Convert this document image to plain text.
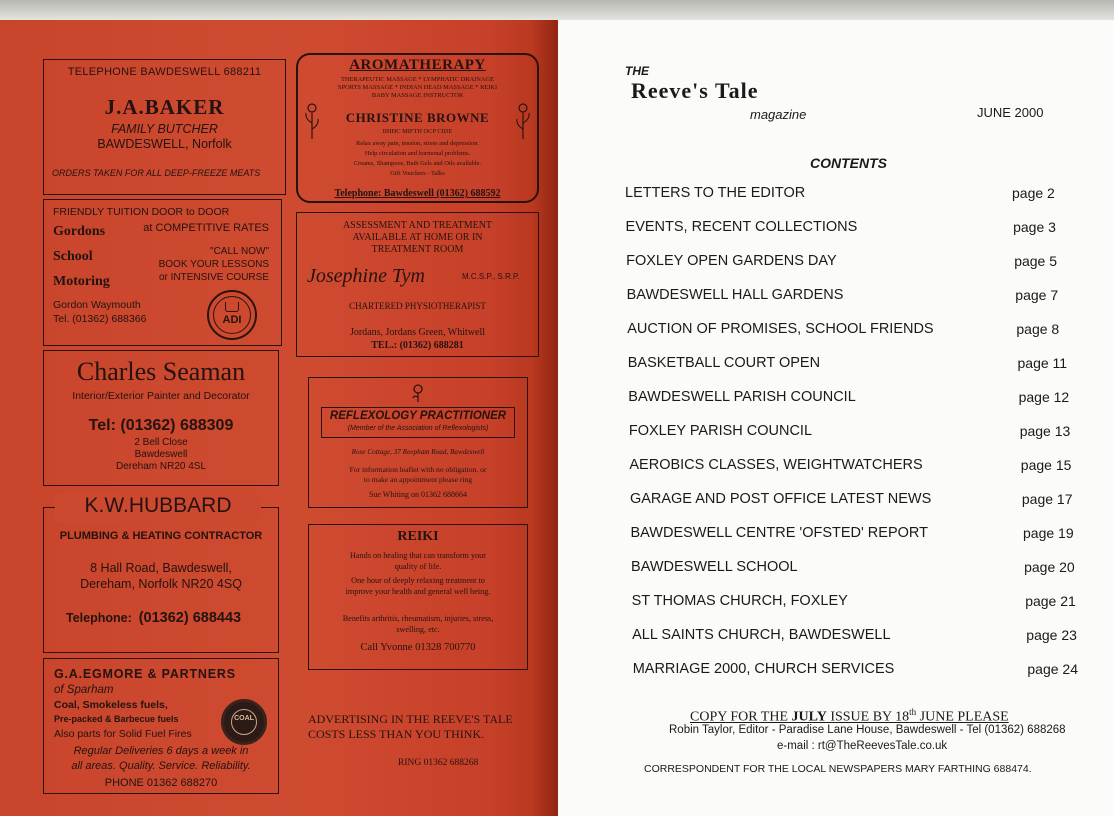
TELEPHONE BAWDESWELL 688211
J.A.BAKER
FAMILY BUTCHER
BAWDESWELL, Norfolk
ORDERS TAKEN FOR ALL DEEP-FREEZE MEATS
AROMATHERAPY
THERAPEUTIC MASSAGE * LYMPHATIC DRAINAGE
SPORTS MASSAGE * INDIAN HEAD MASSAGE * REIKI
BABY MASSAGE INSTRUCTOR
CHRISTINE BROWNE
IIHHC MIFTH OCP CIDE
Relax away pain, tension, stress and depression.
Help circulation and hormonal problems.
Creams, Shampoos, Bath Gels and Oils available.
Gift Vouchers - Talks
Telephone: Bawdeswell (01362) 688592
FRIENDLY TUITION DOOR to DOOR
Gordons	at COMPETITIVE RATES
School	"CALL NOW"
BOOK YOUR LESSONS
Motoring	or INTENSIVE COURSE
Gordon Waymouth
Tel. (01362) 688366	ADI
ASSESSMENT AND TREATMENT
AVAILABLE AT HOME OR IN
TREATMENT ROOM
Josephine Tym	M.C.S.P., S.R.P.
CHARTERED PHYSIOTHERAPIST
Jordans, Jordans Green, Whitwell
TEL.: (01362) 688281
Charles Seaman
Interior/Exterior Painter and Decorator
Tel: (01362) 688309
2 Bell Close
Bawdeswell
Dereham NR20 4SL
REFLEXOLOGY PRACTITIONER
(Member of the Association of Reflexologists)
Rose Cottage, 37 Reepham Road, Bawdeswell
For information leaflet with no obligation, or
to make an appointment please ring
Sue Whiting on 01362 688664
PLUMBING & HEATING CONTRACTOR
8 Hall Road, Bawdeswell,
Dereham, Norfolk NR20 4SQ
Telephone: (01362) 688443
K.W.HUBBARD
REIKI
Hands on healing that can transform your
quality of life.
One hour of deeply relaxing treatment to
improve your health and general well being.
Benefits arthritis, rheumatism, injuries, stress,
swelling, etc.
Call Yvonne 01328 700770
G.A.EGMORE & PARTNERS
of Sparham
Coal, Smokeless fuels,
Pre-packed & Barbecue fuels
Also parts for Solid Fuel Fires
COAL
Regular Deliveries 6 days a week in
all areas. Quality. Service. Reliability.
PHONE 01362 688270
ADVERTISING IN THE REEVE'S TALE COSTS LESS THAN YOU THINK.
RING 01362 688268
THE
Reeve's Tale
magazine	JUNE 2000
CONTENTS
LETTERS TO THE EDITOR	page 2
EVENTS, RECENT COLLECTIONS	page 3
FOXLEY OPEN GARDENS DAY	page 5
BAWDESWELL HALL GARDENS	page 7
AUCTION OF PROMISES, SCHOOL FRIENDS	page 8
BASKETBALL COURT OPEN	page 11
BAWDESWELL PARISH COUNCIL	page 12
FOXLEY PARISH COUNCIL	page 13
AEROBICS CLASSES, WEIGHTWATCHERS	page 15
GARAGE AND POST OFFICE LATEST NEWS	page 17
BAWDESWELL CENTRE 'OFSTED' REPORT	page 19
BAWDESWELL SCHOOL	page 20
ST THOMAS CHURCH, FOXLEY	page 21
ALL SAINTS CHURCH, BAWDESWELL	page 23
MARRIAGE 2000, CHURCH SERVICES	page 24
COPY FOR THE JULY ISSUE BY 18th JUNE PLEASE
Robin Taylor, Editor - Paradise Lane House, Bawdeswell - Tel (01362) 688268
e-mail : rt@TheReevesTale.co.uk
CORRESPONDENT FOR THE LOCAL NEWSPAPERS MARY FARTHING 688474.
